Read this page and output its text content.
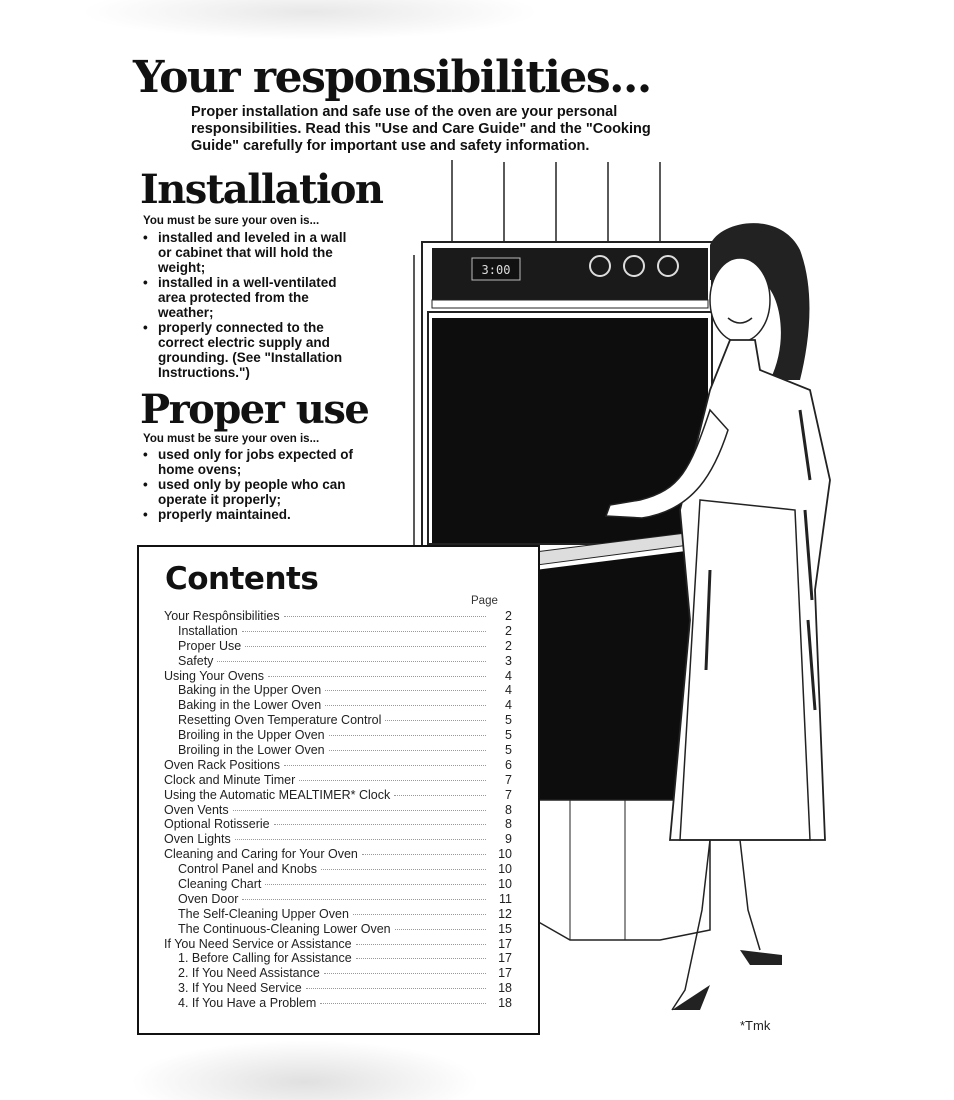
Your responsibilities...

Proper installation and safe use of the oven are your personal responsibilities. Read this "Use and Care Guide" and the "Cooking Guide" carefully for important use and safety information.

Installation

You must be sure your oven is...

• installed and leveled in a wall or cabinet that will hold the weight;
• installed in a well-ventilated area protected from the weather;
• properly connected to the correct electric supply and grounding. (See "Installation Instructions.")
Proper use

You must be sure your oven is...

• used only for jobs expected of home ovens;
• used only by people who can operate it properly;
• properly maintained.
3:00
Contents
Page
Your Respônsibilities	2
Installation	2
Proper Use	2
Safety	3
Using Your Ovens	4
Baking in the Upper Oven	4
Baking in the Lower Oven	4
Resetting Oven Temperature Control	5
Broiling in the Upper Oven	5
Broiling in the Lower Oven	5
Oven Rack Positions	6
Clock and Minute Timer	7
Using the Automatic MEALTIMER* Clock	7
Oven Vents	8
Optional Rotisserie	8
Oven Lights	9
Cleaning and Caring for Your Oven	10
Control Panel and Knobs	10
Cleaning Chart	10
Oven Door	11
The Self-Cleaning Upper Oven	12
The Continuous-Cleaning Lower Oven	15
If You Need Service or Assistance	17
1. Before Calling for Assistance	17
2. If You Need Assistance	17
3. If You Need Service	18
4. If You Have a Problem	18
*Tmk
